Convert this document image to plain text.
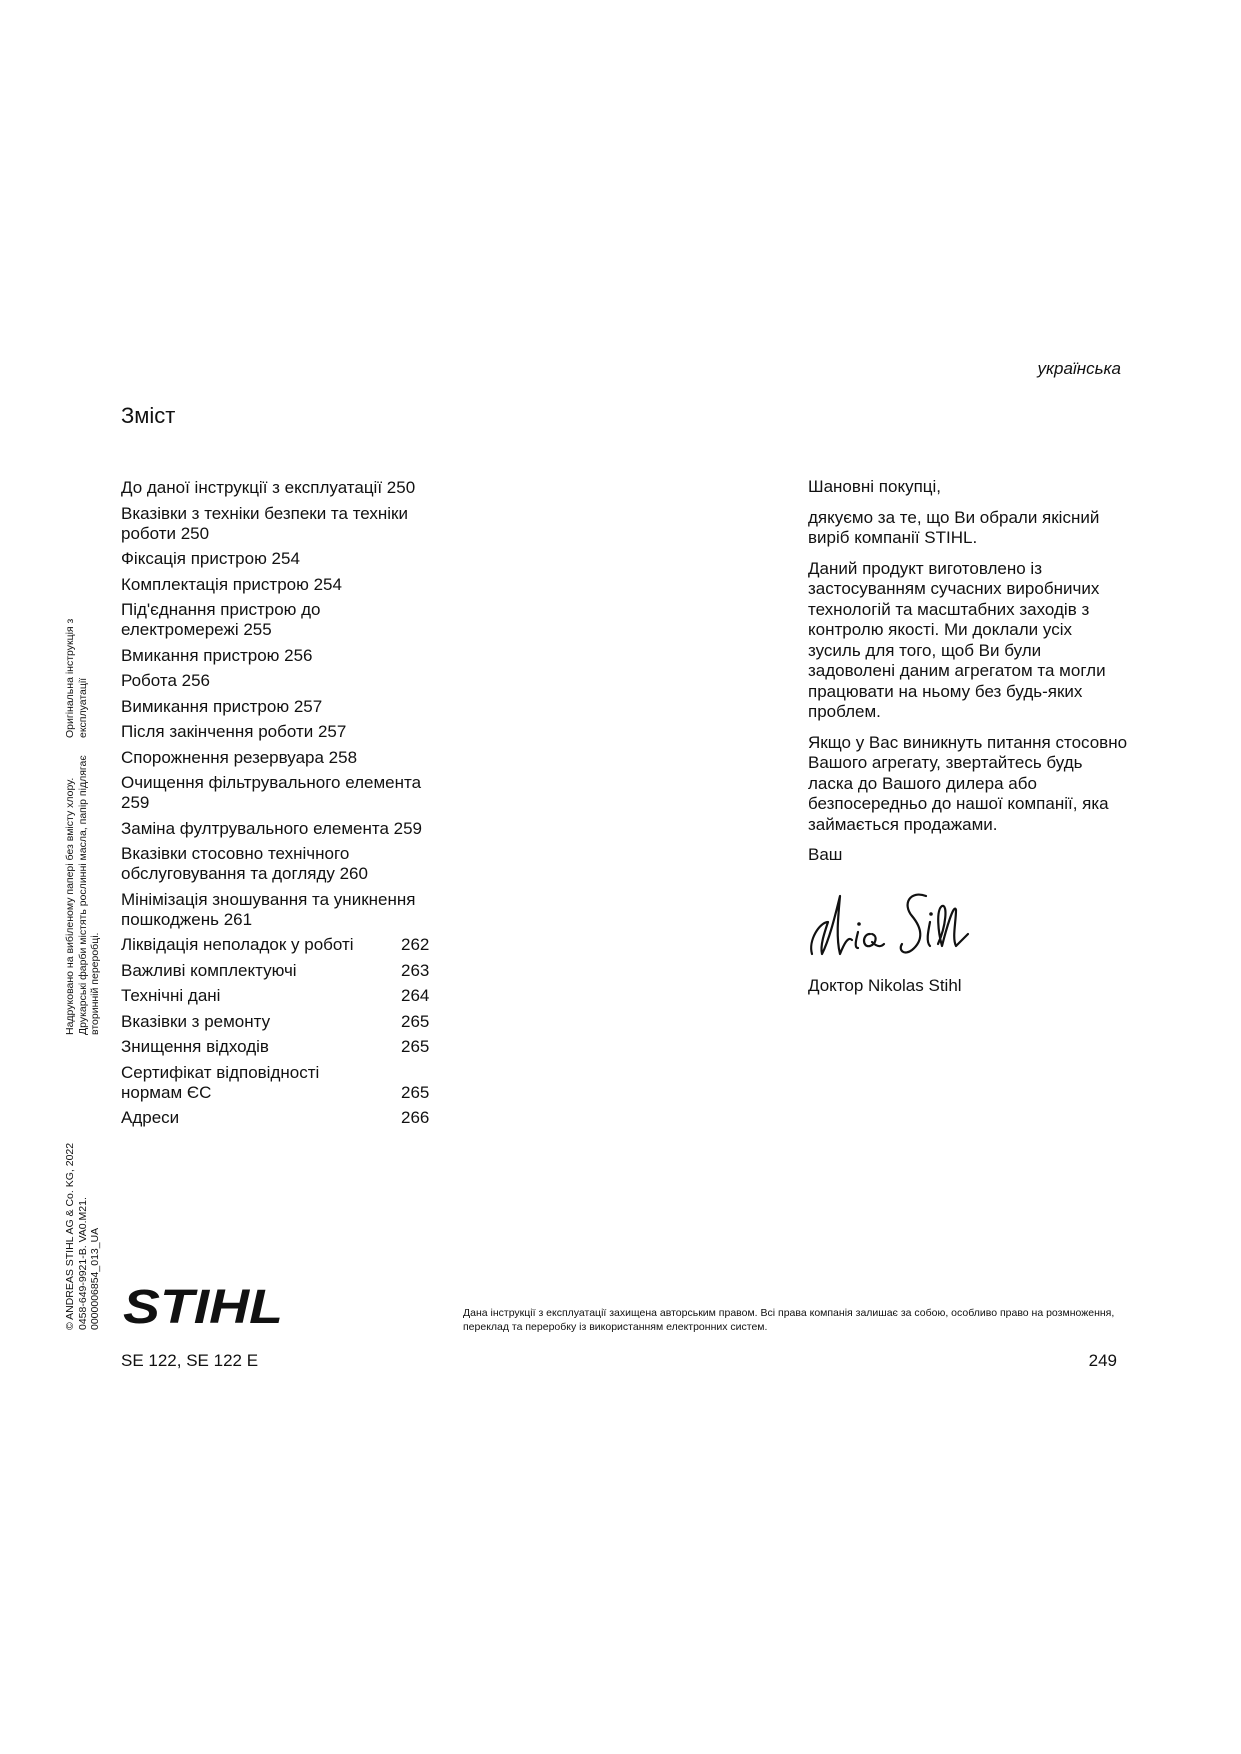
українська
Зміст
До даної інструкції з експлуатації 250
Вказівки з техніки безпеки та техніки роботи 250
Фіксація пристрою 254
Комплектація пристрою 254
Під'єднання пристрою до електромережі 255
Вмикання пристрою 256
Робота 256
Вимикання пристрою 257
Після закінчення роботи 257
Спорожнення резервуара 258
Очищення фільтрувального елемента 259
Заміна фултрувального елемента 259
Вказівки стосовно технічного обслуговування та догляду 260
Мінімізація зношування та уникнення пошкоджень 261
Ліквідація неполадок у роботі	262
Важливі комплектуючі	263
Технічні дані	264
Вказівки з ремонту	265
Знищення відходів	265
Сертифікат відповідності нормам ЄС	265
Адреси	266

Шановні покупці,

дякуємо за те, що Ви обрали якісний виріб компанії STIHL.

Даний продукт виготовлено із застосуванням сучасних виробничих технологій та масштабних заходів з контролю якості. Ми доклали усіх зусиль для того, щоб Ви були задоволені даним агрегатом та могли працювати на ньому без будь-яких проблем.

Якщо у Вас виникнуть питання стосовно Вашого агрегату, звертайтесь будь ласка до Вашого дилера або безпосередньо до нашої компанії, яка займається продажами.

Ваш

Доктор Nikolas Stihl
© ANDREAS STIHL AG & Co. KG, 2022
0458-649-9921-B. VA0.M21.
0000006854_013_UA
Надруковано на вибіленому папері без вмісту хлору.
Друкарські фарби містять рослинні масла, папір підлягає
вторинній переробці.
Оригінальна інструкція з
експлуатації
STIHL	Дана інструкції з експлуатації захищена авторським правом. Всі права компанія залишає за собою, особливо право на розмноження, переклад та переробку із використанням електронних систем.
SE 122, SE 122 E	249
